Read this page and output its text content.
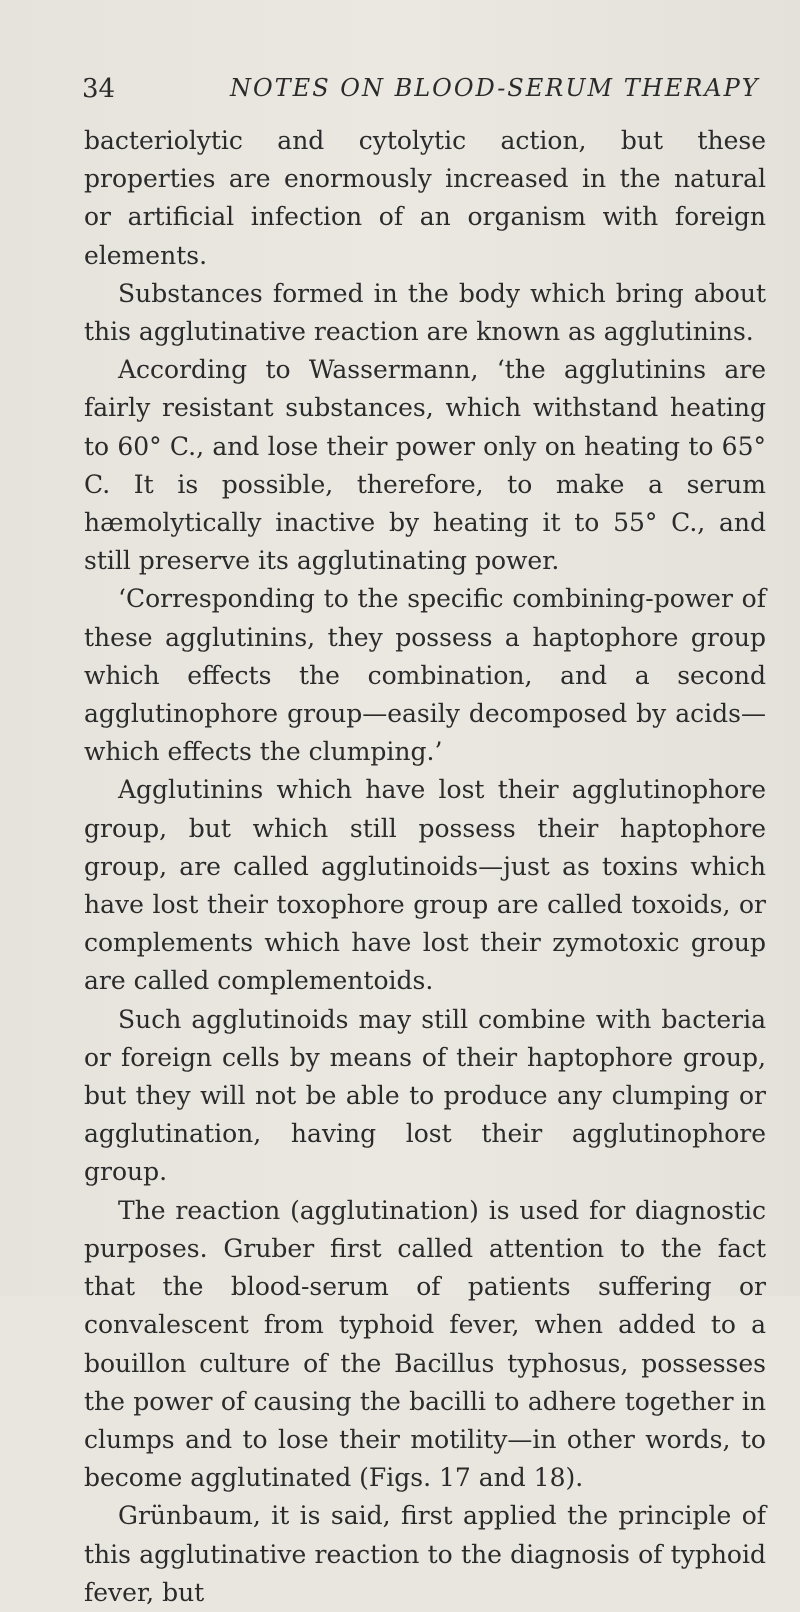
34	NOTES ON BLOOD-SERUM THERAPY

bacteriolytic and cytolytic action, but these properties are enormously increased in the natural or artificial infection of an organism with foreign elements.

Substances formed in the body which bring about this agglutinative reaction are known as agglutinins.

According to Wassermann, ‘the agglutinins are fairly resistant substances, which withstand heating to 60° C., and lose their power only on heating to 65° C. It is possible, therefore, to make a serum hæmolytically inactive by heating it to 55° C., and still preserve its agglutinating power.

‘Corresponding to the specific combining-power of these agglutinins, they possess a haptophore group which effects the combination, and a second agglutinophore group—easily decomposed by acids—which effects the clumping.’

Agglutinins which have lost their agglutinophore group, but which still possess their haptophore group, are called agglutinoids—just as toxins which have lost their toxophore group are called toxoids, or complements which have lost their zymotoxic group are called complementoids.

Such agglutinoids may still combine with bacteria or foreign cells by means of their haptophore group, but they will not be able to produce any clumping or agglutination, having lost their agglutinophore group.

The reaction (agglutination) is used for diagnostic purposes. Gruber first called attention to the fact that the blood-serum of patients suffering or convalescent from typhoid fever, when added to a bouillon culture of the Bacillus typhosus, possesses the power of causing the bacilli to adhere together in clumps and to lose their motility—in other words, to become agglutinated (Figs. 17 and 18).

Grünbaum, it is said, first applied the principle of this agglutinative reaction to the diagnosis of typhoid fever, but
